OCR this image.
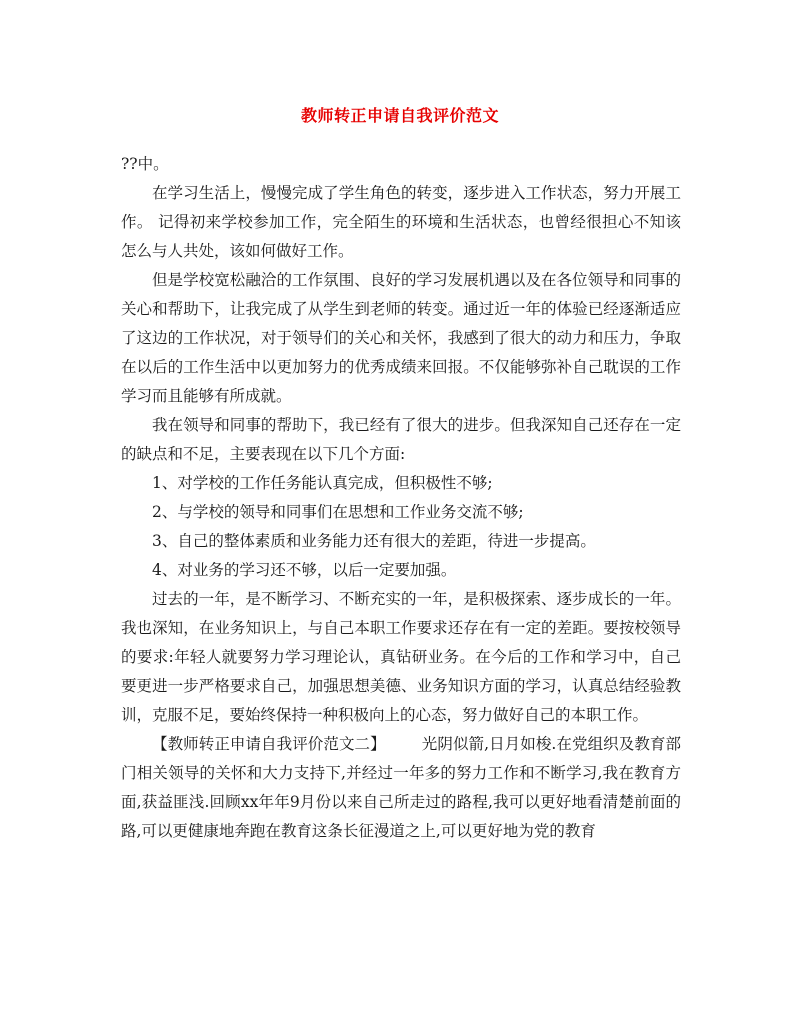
教师转正申请自我评价范文

??中。

在学习生活上，慢慢完成了学生角色的转变，逐步进入工作状态，努力开展工作。 记得初来学校参加工作，完全陌生的环境和生活状态，也曾经很担心不知该怎么与人共处，该如何做好工作。

但是学校宽松融洽的工作氛围、良好的学习发展机遇以及在各位领导和同事的关心和帮助下，让我完成了从学生到老师的转变。通过近一年的体验已经逐渐适应了这边的工作状况，对于领导们的关心和关怀，我感到了很大的动力和压力，争取在以后的工作生活中以更加努力的优秀成绩来回报。不仅能够弥补自己耽误的工作学习而且能够有所成就。

我在领导和同事的帮助下，我已经有了很大的进步。但我深知自己还存在一定的缺点和不足，主要表现在以下几个方面:

1、对学校的工作任务能认真完成，但积极性不够;

2、与学校的领导和同事们在思想和工作业务交流不够;

3、自己的整体素质和业务能力还有很大的差距，待进一步提高。

4、对业务的学习还不够，以后一定要加强。

过去的一年，是不断学习、不断充实的一年，是积极探索、逐步成长的一年。我也深知，在业务知识上，与自己本职工作要求还存在有一定的差距。要按校领导的要求:年轻人就要努力学习理论认，真钻研业务。在今后的工作和学习中，自己要更进一步严格要求自己，加强思想美德、业务知识方面的学习，认真总结经验教训，克服不足，要始终保持一种积极向上的心态，努力做好自己的本职工作。

【教师转正申请自我评价范文二】 光阴似箭,日月如梭.在党组织及教育部门相关领导的关怀和大力支持下,并经过一年多的努力工作和不断学习,我在教育方面,获益匪浅.回顾xx年年9月份以来自己所走过的路程,我可以更好地看清楚前面的路,可以更健康地奔跑在教育这条长征漫道之上,可以更好地为党的教育
